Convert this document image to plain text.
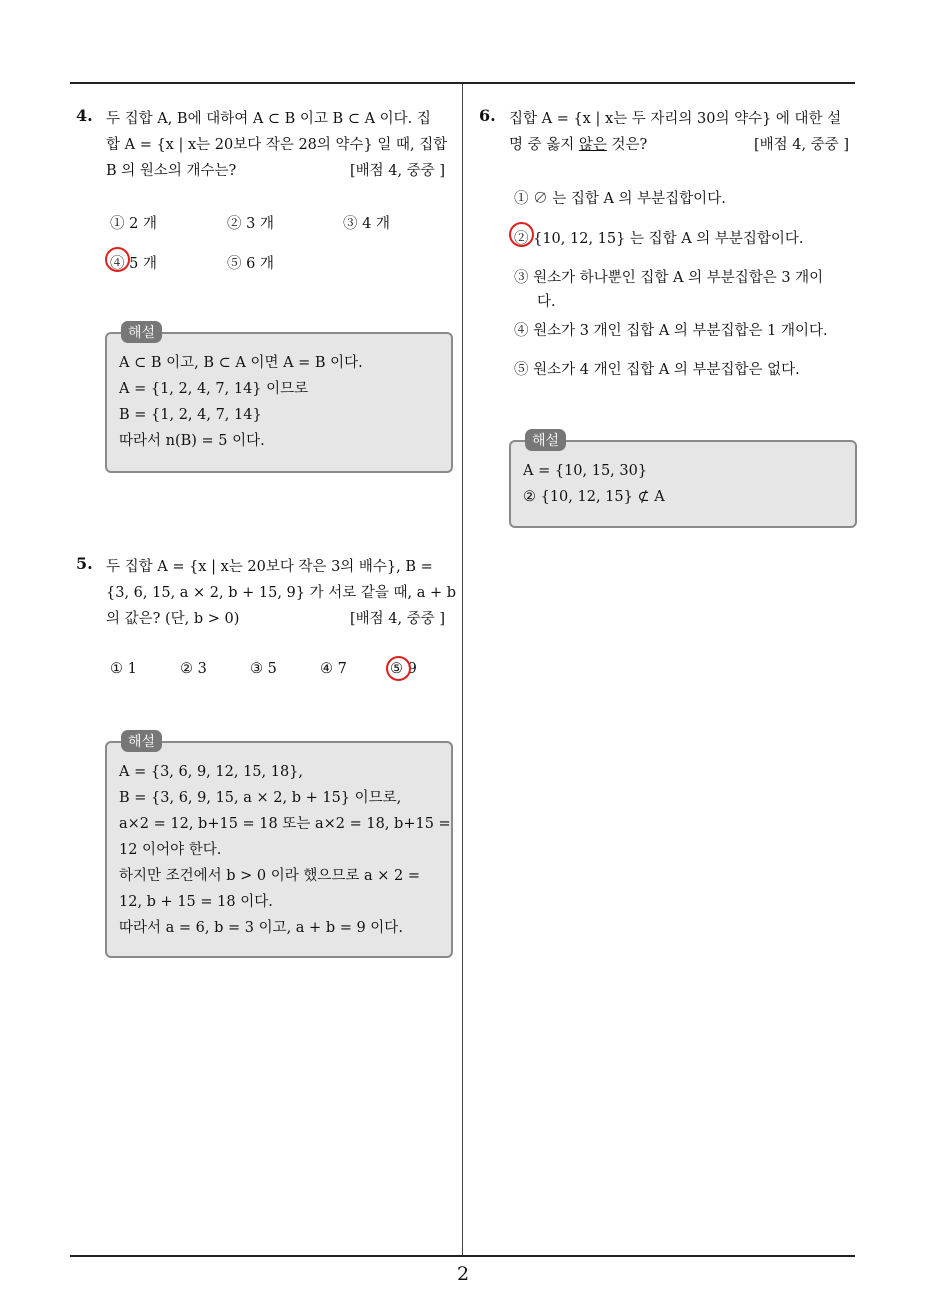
4. 두 집합 A, B에 대하여 A ⊂ B 이고 B ⊂ A 이다. 집
합 A = {x | x는 20보다 작은 28의 약수} 일 때, 집합
B 의 원소의 개수는?	[배점 4, 중중 ]
① 2 개	② 3 개	③ 4 개
④ 5 개	⑤ 6 개
해설
A ⊂ B 이고, B ⊂ A 이면 A = B 이다.
A = {1, 2, 4, 7, 14} 이므로
B = {1, 2, 4, 7, 14}
따라서 n(B) = 5 이다.
5. 두 집합 A = {x | x는 20보다 작은 3의 배수}, B =
{3, 6, 15, a × 2, b + 15, 9} 가 서로 같을 때, a + b
의 값은? (단, b > 0)	[배점 4, 중중 ]
① 1	② 3	③ 5	④ 7	⑤ 9
해설
A = {3, 6, 9, 12, 15, 18},
B = {3, 6, 9, 15, a × 2, b + 15} 이므로,
a×2 = 12, b+15 = 18 또는 a×2 = 18, b+15 =
12 이어야 한다.
하지만 조건에서 b > 0 이라 했으므로 a × 2 =
12, b + 15 = 18 이다.
따라서 a = 6, b = 3 이고, a + b = 9 이다.
6. 집합 A = {x | x는 두 자리의 30의 약수} 에 대한 설
명 중 옳지 않은 것은?	[배점 4, 중중 ]
① ∅ 는 집합 A 의 부분집합이다.
② {10, 12, 15} 는 집합 A 의 부분집합이다.
③ 원소가 하나뿐인 집합 A 의 부분집합은 3 개이
다.
④ 원소가 3 개인 집합 A 의 부분집합은 1 개이다.
⑤ 원소가 4 개인 집합 A 의 부분집합은 없다.
해설
A = {10, 15, 30}
② {10, 12, 15} ⊄ A
2
